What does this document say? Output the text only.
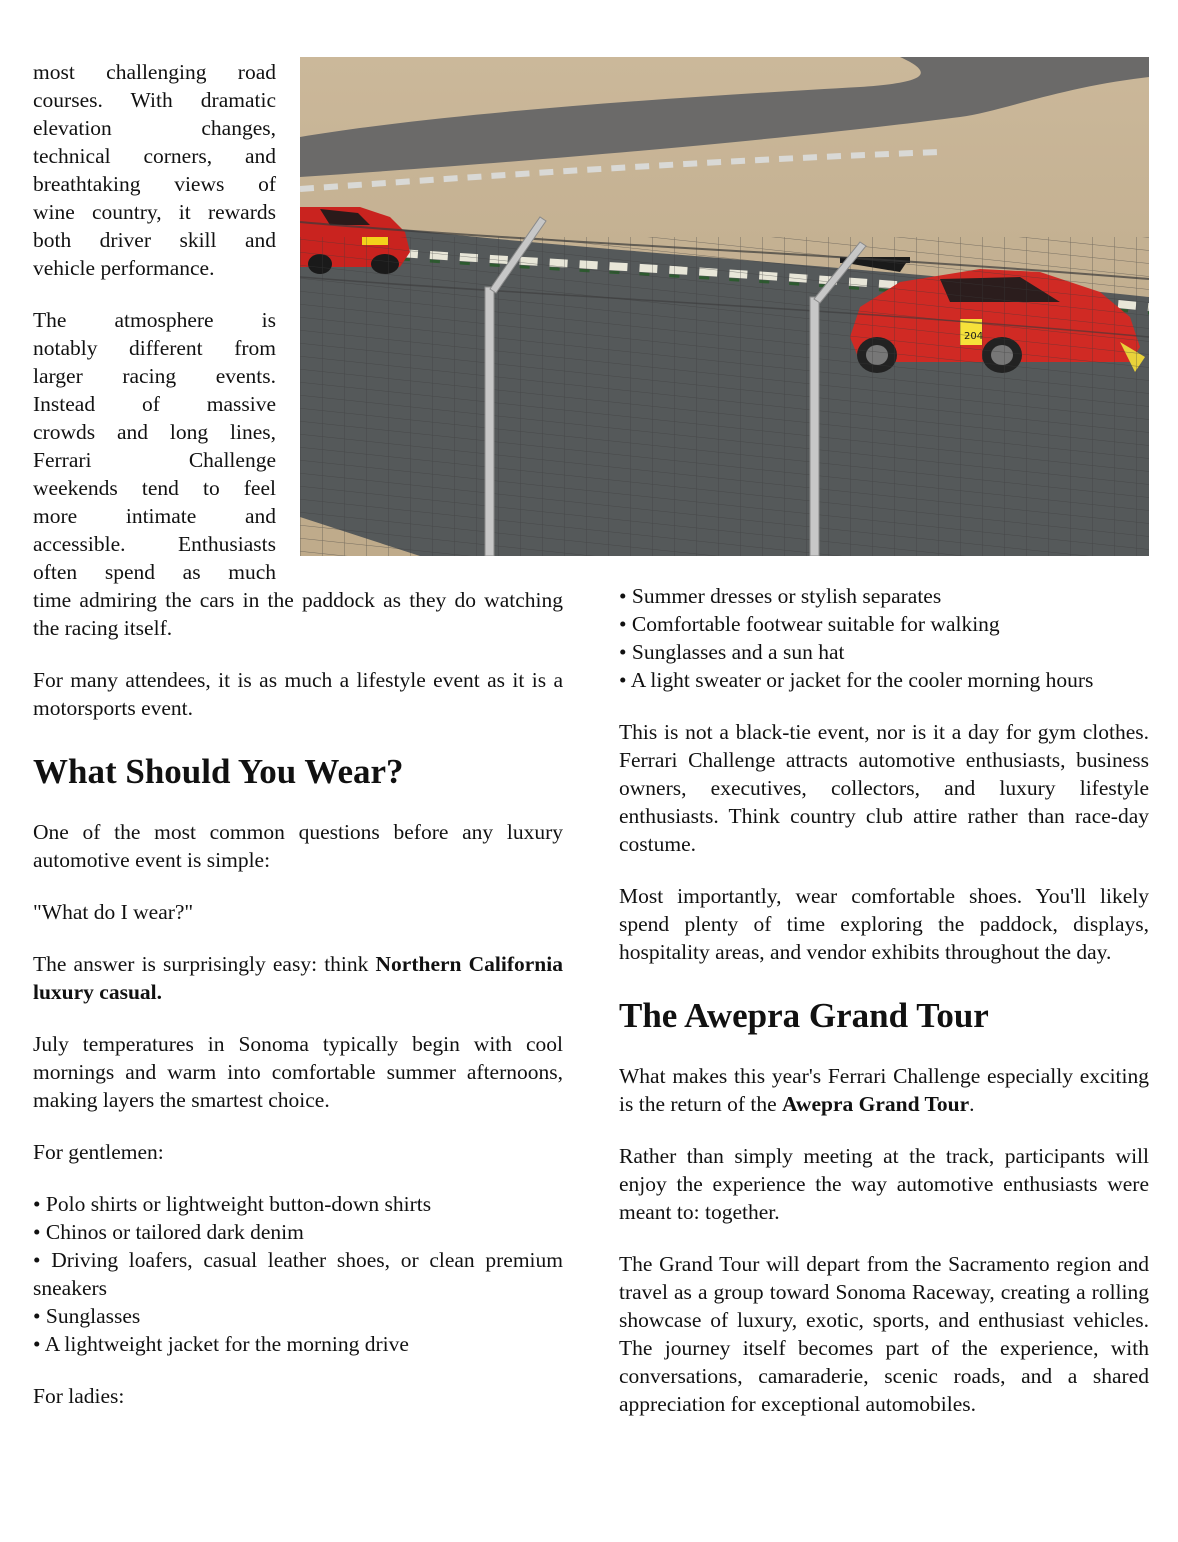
most challenging road
courses. With dramatic
elevation changes,
technical corners, and
breathtaking views of
wine country, it rewards
both driver skill and
vehicle performance.

The atmosphere is
notably different from
larger racing events.
Instead of massive
crowds and long lines,
Ferrari Challenge
weekends tend to feel
more intimate and
accessible. Enthusiasts
often spend as much

time admiring the cars in the paddock as they do watching the racing itself.

For many attendees, it is as much a lifestyle event as it is a motorsports event.

What Should You Wear?

One of the most common questions before any luxury automotive event is simple:

"What do I wear?"

The answer is surprisingly easy: think Northern California luxury casual.

July temperatures in Sonoma typically begin with cool mornings and warm into comfortable summer afternoons, making layers the smartest choice.

For gentlemen:

• Polo shirts or lightweight button-down shirts
• Chinos or tailored dark denim
• Driving loafers, casual leather shoes, or clean premium sneakers
• Sunglasses
• A lightweight jacket for the morning drive

For ladies:

• Summer dresses or stylish separates
• Comfortable footwear suitable for walking
• Sunglasses and a sun hat
• A light sweater or jacket for the cooler morning hours

This is not a black-tie event, nor is it a day for gym clothes. Ferrari Challenge attracts automotive enthusiasts, business owners, executives, collectors, and luxury lifestyle enthusiasts. Think country club attire rather than race-day costume.

Most importantly, wear comfortable shoes. You'll likely spend plenty of time exploring the paddock, displays, hospitality areas, and vendor exhibits throughout the day.

The Awepra Grand Tour

What makes this year's Ferrari Challenge especially exciting is the return of the Awepra Grand Tour.

Rather than simply meeting at the track, participants will enjoy the experience the way automotive enthusiasts were meant to: together.

The Grand Tour will depart from the Sacramento region and travel as a group toward Sonoma Raceway, creating a rolling showcase of luxury, exotic, sports, and enthusiast vehicles. The journey itself becomes part of the experience, with conversations, camaraderie, scenic roads, and a shared appreciation for exceptional automobiles.
